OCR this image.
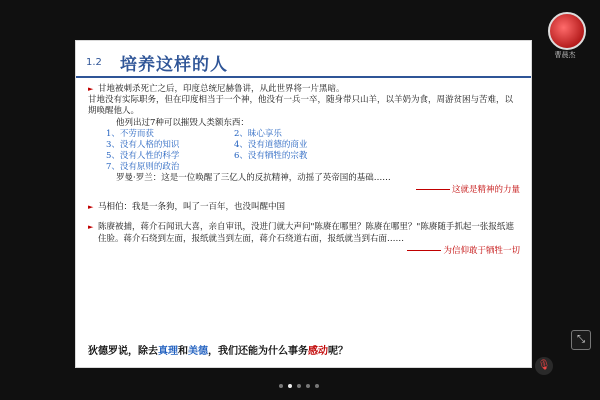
1.2 培养这样的人
► 甘地被刺杀死亡之后，印度总统尼赫鲁讲，从此世界将一片黑暗。
甘地没有实际职务，但在印度相当于一个神，他没有一兵一卒，随身带只山羊，以羊奶为食，周游贫困与苦难，以期唤醒他人。
他列出过7种可以摧毁人类额东西：
1、不劳而获	2、昧心享乐
3、没有人格的知识	4、没有道德的商业
5、没有人性的科学	6、没有牺牲的宗教
7、没有原则的政治
罗曼·罗兰：这是一位唤醒了三亿人的反抗精神，动摇了英帝国的基础……
这就是精神的力量
► 马相伯：我是一条狗，叫了一百年，也没叫醒中国
► 陈赓被捕，蒋介石闻讯大喜，亲自审讯，没进门就大声问"陈赓在哪里？陈赓在哪里？"陈赓随手抓起一张报纸遮住脸。蒋介石绕到左面，报纸就当到左面，蒋介石绕道右面，报纸就当到右面……
为信仰敢于牺牲一切
狄德罗说，除去真理和美德，我们还能为什么事务感动呢？
曹晨杰
⤡
🎙
